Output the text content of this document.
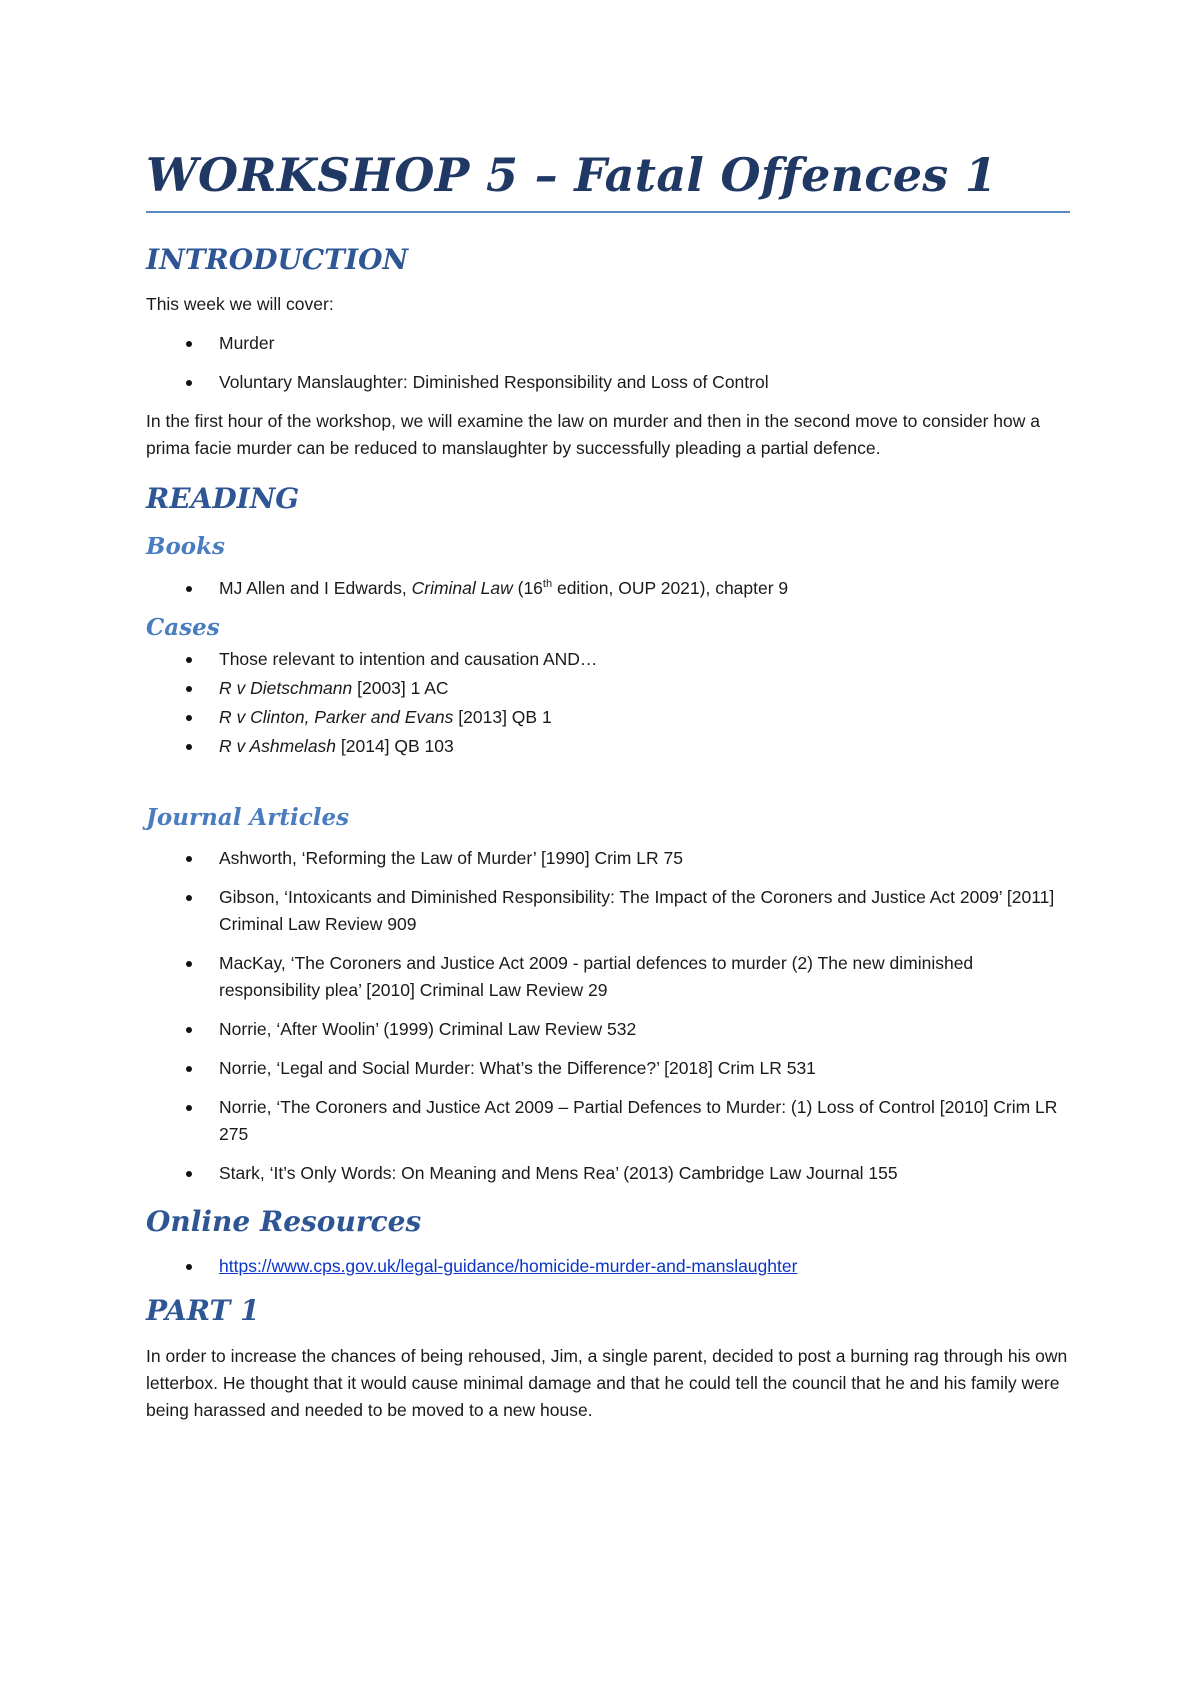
WORKSHOP 5 – Fatal Offences 1
INTRODUCTION

This week we will cover:

Murder
Voluntary Manslaughter: Diminished Responsibility and Loss of Control

In the first hour of the workshop, we will examine the law on murder and then in the second move to consider how a prima facie murder can be reduced to manslaughter by successfully pleading a partial defence.

READING
Books
MJ Allen and I Edwards, Criminal Law (16th edition, OUP 2021), chapter 9
Cases
Those relevant to intention and causation AND…
R v Dietschmann [2003] 1 AC
R v Clinton, Parker and Evans [2013] QB 1
R v Ashmelash [2014] QB 103
Journal Articles
Ashworth, ‘Reforming the Law of Murder’ [1990] Crim LR 75
Gibson, ‘Intoxicants and Diminished Responsibility: The Impact of the Coroners and Justice Act 2009’ [2011] Criminal Law Review 909
MacKay, ‘The Coroners and Justice Act 2009 - partial defences to murder (2) The new diminished responsibility plea’ [2010] Criminal Law Review 29
Norrie, ‘After Woolin’ (1999) Criminal Law Review 532
Norrie, ‘Legal and Social Murder: What’s the Difference?’ [2018] Crim LR 531
Norrie, ‘The Coroners and Justice Act 2009 – Partial Defences to Murder: (1) Loss of Control [2010] Crim LR 275
Stark, ‘It’s Only Words: On Meaning and Mens Rea’ (2013) Cambridge Law Journal 155
Online Resources
https://www.cps.gov.uk/legal-guidance/homicide-murder-and-manslaughter
PART 1

In order to increase the chances of being rehoused, Jim, a single parent, decided to post a burning rag through his own letterbox. He thought that it would cause minimal damage and that he could tell the council that he and his family were being harassed and needed to be moved to a new house.
